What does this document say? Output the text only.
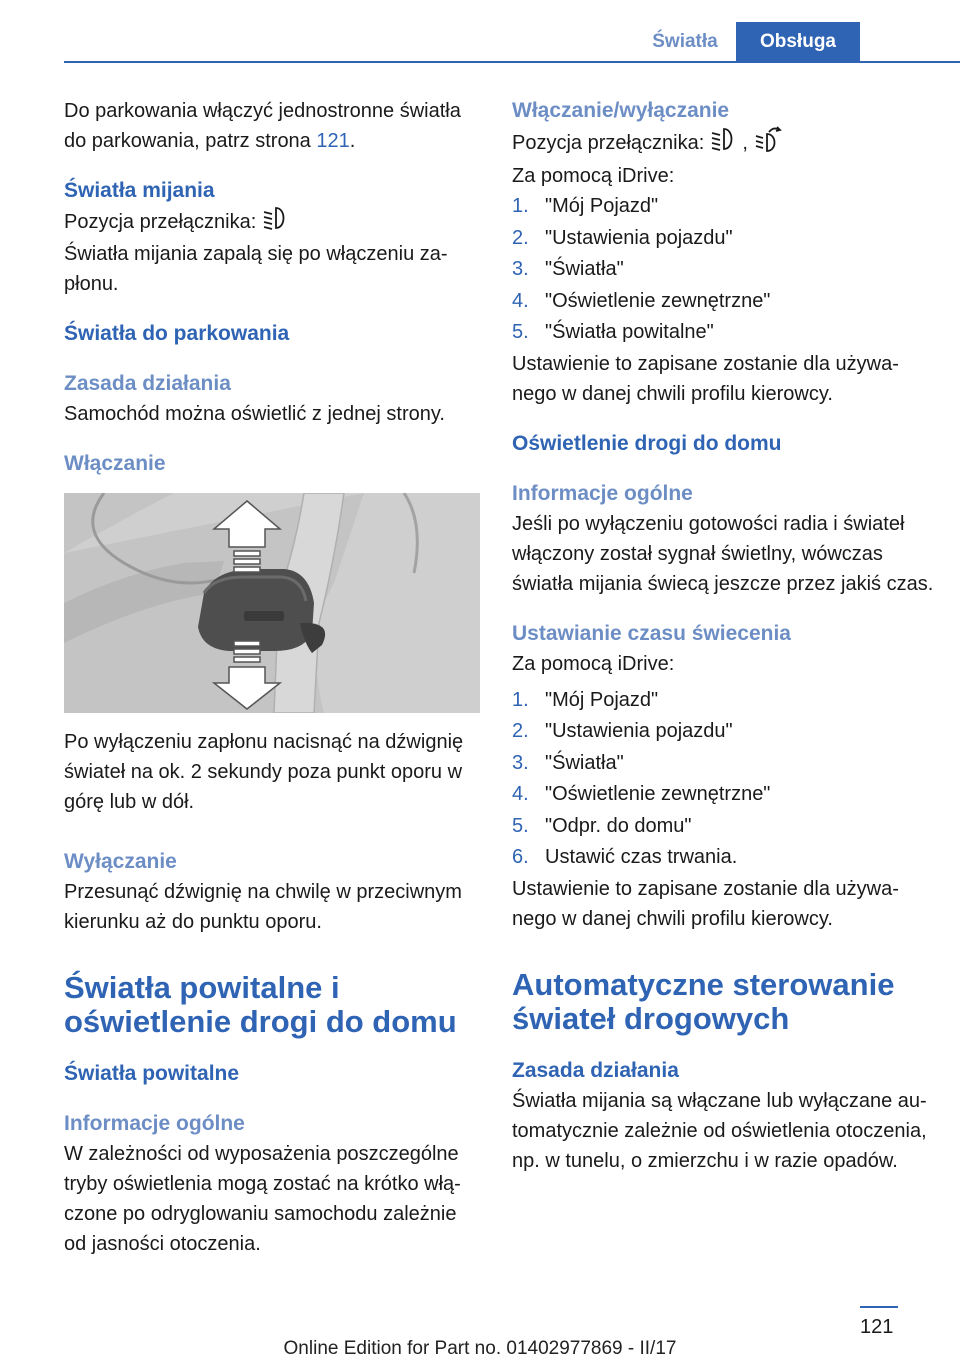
Światła	Obsługa

Do parkowania włączyć jednostronne światła do parkowania, patrz strona 121.

Światła mijania

Pozycja przełącznika:

Światła mijania zapalą się po włączeniu za‐płonu.

Światła do parkowania
Zasada działania

Samochód można oświetlić z jednej strony.

Włączanie

Po wyłączeniu zapłonu nacisnąć na dźwignię świateł na ok. 2 sekundy poza punkt oporu w górę lub w dół.

Wyłączanie

Przesunąć dźwignię na chwilę w przeciwnym kierunku aż do punktu oporu.

Światła powitalne i oświetlenie drogi do domu
Światła powitalne
Informacje ogólne

W zależności od wyposażenia poszczególne tryby oświetlenia mogą zostać na krótko włą‐czone po odryglowaniu samochodu zależnie od jasności otoczenia.

Włączanie/wyłączanie

Pozycja przełącznika: ,

Za pomocą iDrive:

1. "Mój Pojazd"
2. "Ustawienia pojazdu"
3. "Światła"
4. "Oświetlenie zewnętrzne"
5. "Światła powitalne"

Ustawienie to zapisane zostanie dla używa‐nego w danej chwili profilu kierowcy.

Oświetlenie drogi do domu
Informacje ogólne

Jeśli po wyłączeniu gotowości radia i świateł włączony został sygnał świetlny, wówczas światła mijania świecą jeszcze przez jakiś czas.

Ustawianie czasu świecenia

Za pomocą iDrive:

1. "Mój Pojazd"
2. "Ustawienia pojazdu"
3. "Światła"
4. "Oświetlenie zewnętrzne"
5. "Odpr. do domu"
6. Ustawić czas trwania.

Ustawienie to zapisane zostanie dla używa‐nego w danej chwili profilu kierowcy.

Automatyczne sterowanie świateł drogowych
Zasada działania

Światła mijania są włączane lub wyłączane au‐tomatycznie zależnie od oświetlenia otoczenia, np. w tunelu, o zmierzchu i w razie opadów.

121
Online Edition for Part no. 01402977869 - II/17
